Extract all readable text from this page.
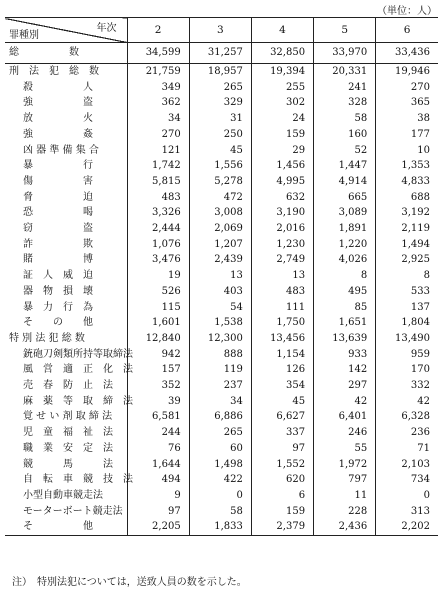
（単位：人）
年次
罪種別	2	3	4	5	6
総　　　　　数	34,599	31,257	32,850	33,970	33,436
刑　法　犯　総　数	21,759	18,957	19,394	20,331	19,946
殺　　　　　人	349	265	255	241	270
強　　　　　盗	362	329	302	328	365
放　　　　　火	34	31	24	58	38
強　　　　　姦	270	250	159	160	177
凶 器 準 備 集 合	121	45	29	52	10
暴　　　　　行	1,742	1,556	1,456	1,447	1,353
傷　　　　　害	5,815	5,278	4,995	4,914	4,833
脅　　　　　迫	483	472	632	665	688
恐　　　　　喝	3,326	3,008	3,190	3,089	3,192
窃　　　　　盗	2,444	2,069	2,016	1,891	2,119
詐　　　　　欺	1,076	1,207	1,230	1,220	1,494
賭　　　　　博	3,476	2,439	2,749	4,026	2,925
証　人　威　迫	19	13	13	8	8
器　物　損　壊	526	403	483	495	533
暴　力　行　為	115	54	111	85	137
そ　　の　　他	1,601	1,538	1,750	1,651	1,804
特 別 法 犯 総 数	12,840	12,300	13,456	13,639	13,490
銃砲刀剣類所持等取締法	942	888	1,154	933	959
風　営　適　正　化　法	157	119	126	142	170
売　春　防　止　法	352	237	354	297	332
麻　薬　等　取　締　法	39	34	45	42	42
覚 せ い 剤 取 締 法	6,581	6,886	6,627	6,401	6,328
児　童　福　祉　法	244	265	337	246	236
職　業　安　定　法	76	60	97	55	71
競　　　馬　　　法	1,644	1,498	1,552	1,972	2,103
自　転　車　競　技　法	494	422	620	797	734
小型自動車競走法	9	0	6	11	0
モーターボート競走法	97	58	159	228	313
そ　　　　　他	2,205	1,833	2,379	2,436	2,202
注）　特別法犯については，送致人員の数を示した。
